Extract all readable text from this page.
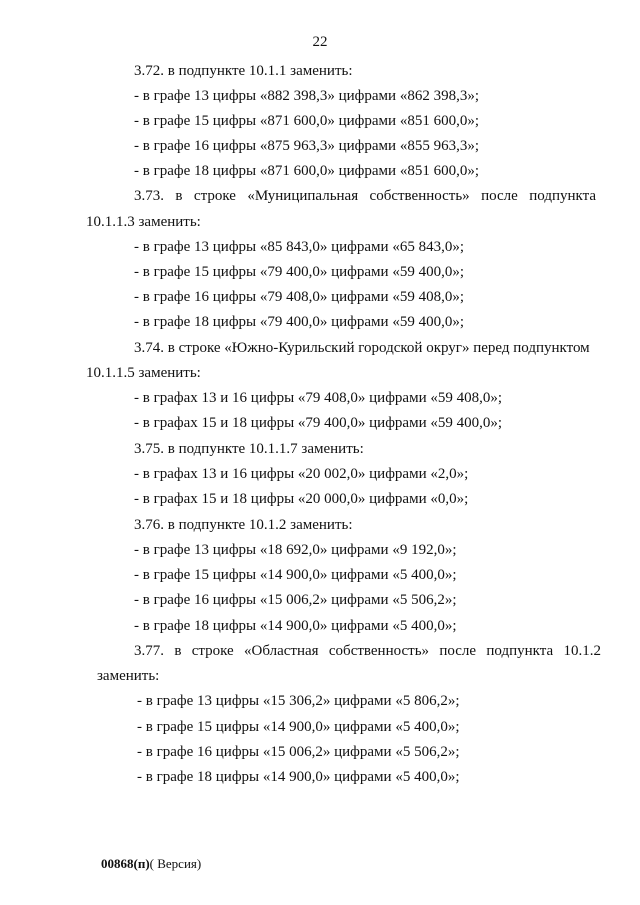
22
3.72. в подпункте 10.1.1 заменить:
- в графе 13 цифры «882 398,3» цифрами «862 398,3»;
- в графе 15 цифры «871 600,0» цифрами «851 600,0»;
- в графе 16 цифры «875 963,3» цифрами «855 963,3»;
- в графе 18 цифры «871 600,0» цифрами «851 600,0»;
3.73. в строке «Муниципальная собственность» после подпункта
10.1.1.3 заменить:
- в графе 13 цифры «85 843,0» цифрами «65 843,0»;
- в графе 15 цифры «79 400,0» цифрами «59 400,0»;
- в графе 16 цифры «79 408,0» цифрами «59 408,0»;
- в графе 18 цифры «79 400,0» цифрами «59 400,0»;
3.74. в строке «Южно-Курильский городской округ» перед подпунктом
10.1.1.5 заменить:
- в графах 13 и 16 цифры «79 408,0» цифрами «59 408,0»;
- в графах 15 и 18 цифры «79 400,0» цифрами «59 400,0»;
3.75. в подпункте 10.1.1.7 заменить:
- в графах 13 и 16 цифры «20 002,0» цифрами «2,0»;
- в графах 15 и 18 цифры «20 000,0» цифрами «0,0»;
3.76. в подпункте 10.1.2 заменить:
- в графе 13 цифры «18 692,0» цифрами «9 192,0»;
- в графе 15 цифры «14 900,0» цифрами «5 400,0»;
- в графе 16 цифры «15 006,2» цифрами «5 506,2»;
- в графе 18 цифры «14 900,0» цифрами «5 400,0»;
3.77. в строке «Областная собственность» после подпункта 10.1.2
заменить:
- в графе 13 цифры «15 306,2» цифрами «5 806,2»;
- в графе 15 цифры «14 900,0» цифрами «5 400,0»;
- в графе 16 цифры «15 006,2» цифрами «5 506,2»;
- в графе 18 цифры «14 900,0» цифрами «5 400,0»;
00868(п)( Версия)
